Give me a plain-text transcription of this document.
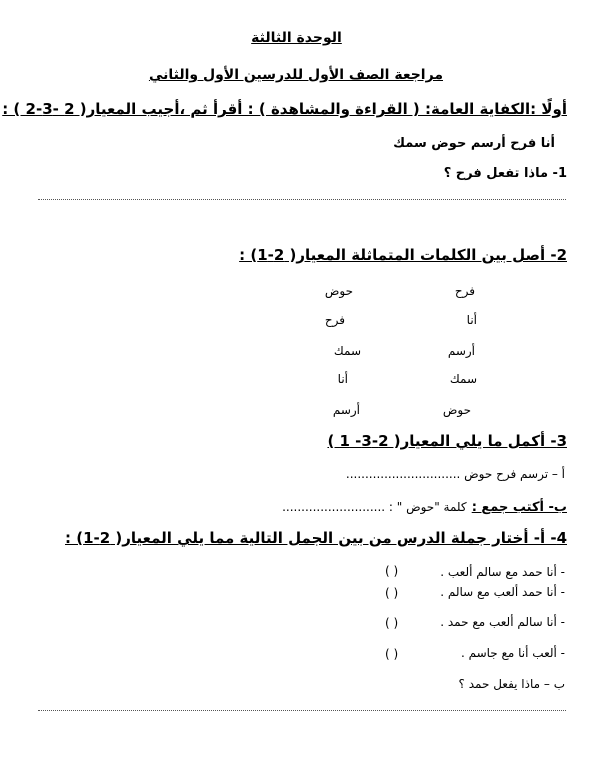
الوحدة الثالثة
مراجعة الصف الأول للدرسين الأول والثاني
أولًا :الكفاية العامة: ( القراءة والمشاهدة ) : أقرأ ثم ،أجيب المعيار( 2 -3-2 ) :
أنا فرح أرسم حوض سمك
1- ماذا تفعل فرح ؟
2- أصل بين الكلمات المتماثلة المعيار( 2-1) :
فرح
أنا
أرسم
سمك
حوض
حوض
فرح
سمك
أنا
أرسم
3- أكمل ما يلي المعيار( 2-3- 1 )
أ – ترسم فرح حوض ..............................
ب- أكتب جمع : كلمة "حوض " : ...........................
4- أ- أختار جملة الدرس من بين الجمل التالية مما يلي المعيار( 2-1) :
- أنا حمد مع سالم ألعب .
( )
- أنا حمد ألعب مع سالم .
( )
- أنا سالم ألعب مع حمد .
( )
- ألعب أنا مع جاسم .
( )
ب – ماذا يفعل حمد ؟
